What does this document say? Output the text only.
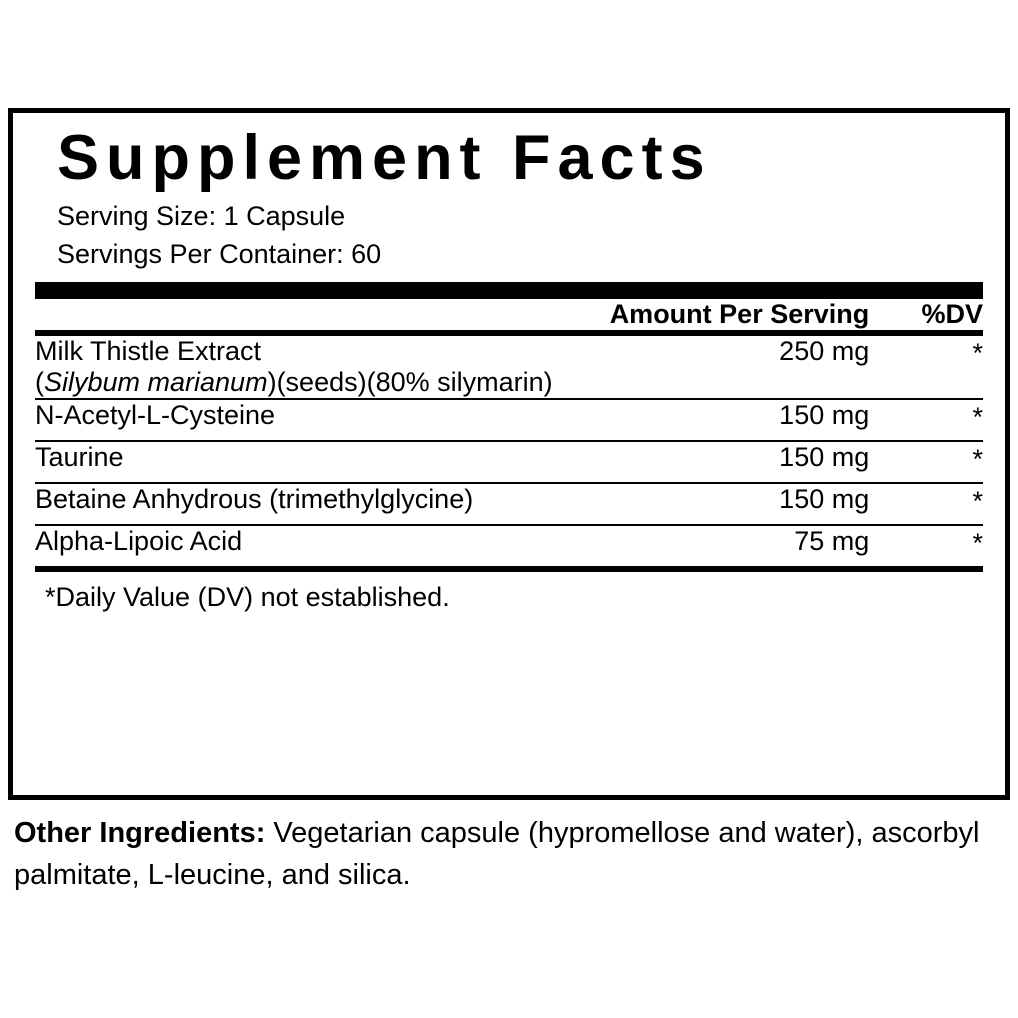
Supplement Facts
Serving Size: 1 Capsule
Servings Per Container: 60
	Amount Per Serving	%DV

Milk Thistle Extract	250 mg	*
(Silybum marianum)(seeds)(80% silymarin)		

N-Acetyl-L-Cysteine	150 mg	*

Taurine	150 mg	*

Betaine Anhydrous (trimethylglycine)	150 mg	*

Alpha-Lipoic Acid	75 mg	*

*Daily Value (DV) not established.
Other Ingredients: Vegetarian capsule (hypromellose and water), ascorbyl palmitate, L-leucine, and silica.
